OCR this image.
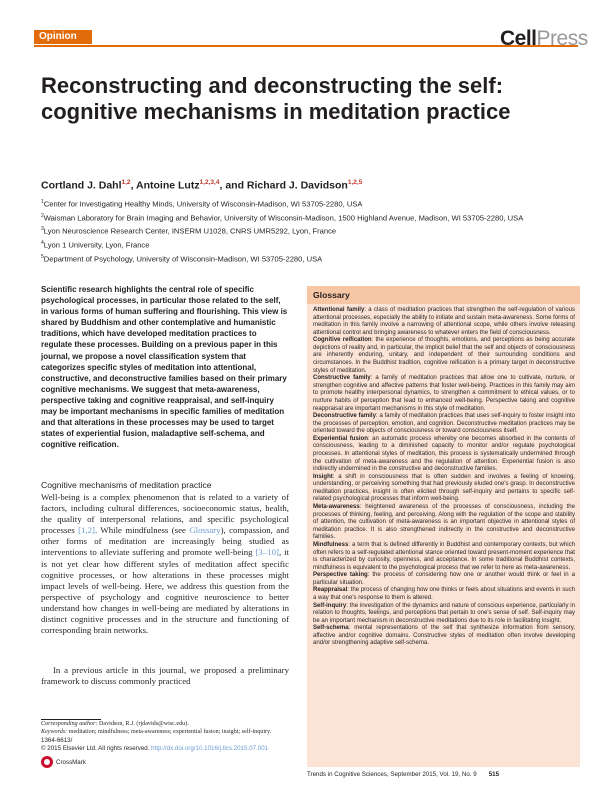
Opinion	CellPress
Reconstructing and deconstructing the self: cognitive mechanisms in meditation practice
Cortland J. Dahl$^{1,2}$, Antoine Lutz$^{1,2,3,4}$, and Richard J. Davidson$^{1,2,5}$
$^1$Center for Investigating Healthy Minds, University of Wisconsin-Madison, WI 53705-2280, USA
$^2$Waisman Laboratory for Brain Imaging and Behavior, University of Wisconsin-Madison, 1500 Highland Avenue, Madison, WI 53705-2280, USA
$^3$Lyon Neuroscience Research Center, INSERM U1028, CNRS UMR5292, Lyon, France
$^4$Lyon 1 University, Lyon, France
$^5$Department of Psychology, University of Wisconsin-Madison, WI 53705-2280, USA

Scientific research highlights the central role of specific psychological processes, in particular those related to the self, in various forms of human suffering and flourishing. This view is shared by Buddhism and other contemplative and humanistic traditions, which have developed meditation practices to regulate these processes. Building on a previous paper in this journal, we propose a novel classification system that categorizes specific styles of meditation into attentional, constructive, and deconstructive families based on their primary cognitive mechanisms. We suggest that meta-awareness, perspective taking and cognitive reappraisal, and self-inquiry may be important mechanisms in specific families of meditation and that alterations in these processes may be used to target states of experiential fusion, maladaptive self-schema, and cognitive reification.

Cognitive mechanisms of meditation practice

Well-being is a complex phenomenon that is related to a variety of factors, including cultural differences, socioeconomic status, health, the quality of interpersonal relations, and specific psychological processes [1,2]. While mindfulness (see Glossary), compassion, and other forms of meditation are increasingly being studied as interventions to alleviate suffering and promote well-being [3–10], it is not yet clear how different styles of meditation affect specific cognitive processes, or how alterations in these processes might impact levels of well-being. Here, we address this question from the perspective of psychology and cognitive neuroscience to better understand how changes in well-being are mediated by alterations in distinct cognitive processes and in the structure and functioning of corresponding brain networks.

In a previous article in this journal, we proposed a preliminary framework to discuss commonly practiced

Corresponding author: Davidson, R.J. (rjdavids@wisc.edu).
Keywords: meditation; mindfulness; meta-awareness; experiential fusion; insight; self-inquiry.
1364-6613/
© 2015 Elsevier Ltd. All rights reserved. http://dx.doi.org/10.1016/j.tics.2015.07.001
CrossMark
Glossary

Attentional family: a class of meditation practices that strengthen the self-regulation of various attentional processes, especially the ability to initiate and sustain meta-awareness. Some forms of meditation in this family involve a narrowing of attentional scope, while others involve releasing attentional control and bringing awareness to whatever enters the field of consciousness.

Cognitive reification: the experience of thoughts, emotions, and perceptions as being accurate depictions of reality and, in particular, the implicit belief that the self and objects of consciousness are inherently enduring, unitary, and independent of their surrounding conditions and circumstances. In the Buddhist tradition, cognitive reification is a primary target in deconstructive styles of meditation.

Constructive family: a family of meditation practices that allow one to cultivate, nurture, or strengthen cognitive and affective patterns that foster well-being. Practices in this family may aim to promote healthy interpersonal dynamics, to strengthen a commitment to ethical values, or to nurture habits of perception that lead to enhanced well-being. Perspective taking and cognitive reappraisal are important mechanisms in this style of meditation.

Deconstructive family: a family of meditation practices that uses self-inquiry to foster insight into the processes of perception, emotion, and cognition. Deconstructive meditation practices may be oriented toward the objects of consciousness or toward consciousness itself.

Experiential fusion: an automatic process whereby one becomes absorbed in the contents of consciousness, leading to a diminished capacity to monitor and/or regulate psychological processes. In attentional styles of meditation, this process is systematically undermined through the cultivation of meta-awareness and the regulation of attention. Experiential fusion is also indirectly undermined in the constructive and deconstructive families.

Insight: a shift in consciousness that is often sudden and involves a feeling of knowing, understanding, or perceiving something that had previously eluded one's grasp. In deconstructive meditation practices, insight is often elicited through self-inquiry and pertains to specific self-related psychological processes that inform well-being.

Meta-awareness: heightened awareness of the processes of consciousness, including the processes of thinking, feeling, and perceiving. Along with the regulation of the scope and stability of attention, the cultivation of meta-awareness is an important objective in attentional styles of meditation practice. It is also strengthened indirectly in the constructive and deconstructive families.

Mindfulness: a term that is defined differently in Buddhist and contemporary contexts, but which often refers to a self-regulated attentional stance oriented toward present-moment experience that is characterized by curiosity, openness, and acceptance. In some traditional Buddhist contexts, mindfulness is equivalent to the psychological process that we refer to here as meta-awareness.

Perspective taking: the process of considering how one or another would think or feel in a particular situation.

Reappraisal: the process of changing how one thinks or feels about situations and events in such a way that one's response to them is altered.

Self-inquiry: the investigation of the dynamics and nature of conscious experience, particularly in relation to thoughts, feelings, and perceptions that pertain to one's sense of self. Self-inquiry may be an important mechanism in deconstructive meditations due to its role in facilitating insight.

Self-schema: mental representations of the self that synthesize information from sensory, affective and/or cognitive domains. Constructive styles of meditation often involve developing and/or strengthening adaptive self-schema.

Trends in Cognitive Sciences, September 2015, Vol. 19, No. 9 515
